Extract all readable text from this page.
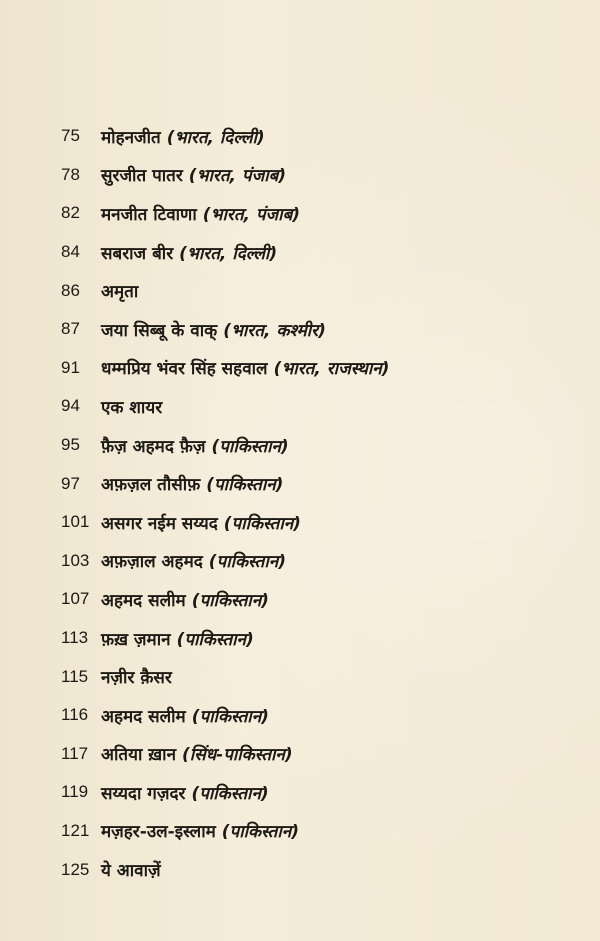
75	मोहनजीत (भारत, दिल्ली)
78	सुरजीत पातर (भारत, पंजाब)
82	मनजीत टिवाणा (भारत, पंजाब)
84	सबराज बीर (भारत, दिल्ली)
86	अमृता
87	जया सिब्बू के वाक् (भारत, कश्मीर)
91	धम्मप्रिय भंवर सिंह सहवाल (भारत, राजस्थान)
94	एक शायर
95	फ़ैज़ अहमद फ़ैज़ (पाकिस्तान)
97	अफ़ज़ल तौसीफ़ (पाकिस्तान)
101 असगर नईम सय्यद (पाकिस्तान)
103 अफ़ज़ाल अहमद (पाकिस्तान)
107 अहमद सलीम (पाकिस्तान)
113 फ़ख़ ज़मान (पाकिस्तान)
115 नज़ीर क़ैसर
116 अहमद सलीम (पाकिस्तान)
117 अतिया ख़ान (सिंध-पाकिस्तान)
119 सय्यदा गज़दर (पाकिस्तान)
121 मज़हर-उल-इस्लाम (पाकिस्तान)
125 ये आवाज़ें
